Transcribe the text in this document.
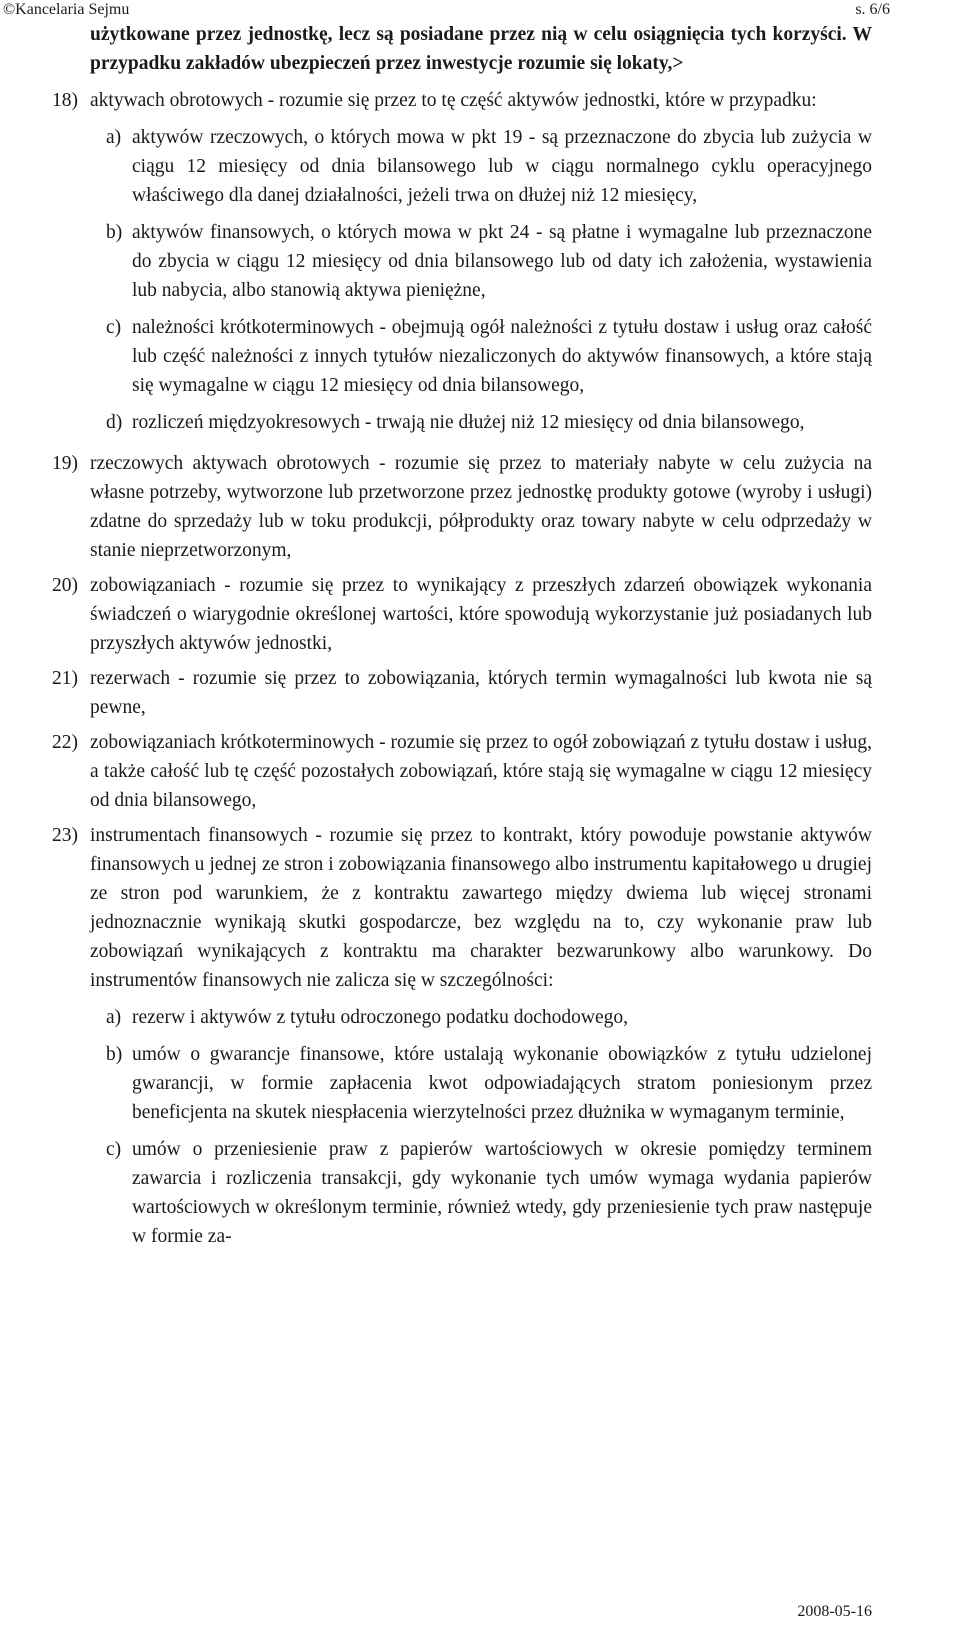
©Kancelaria Sejmu	s. 6/6
użytkowane przez jednostkę, lecz są posiadane przez nią w celu osiągnięcia tych korzyści. W przypadku zakładów ubezpieczeń przez inwestycje rozumie się lokaty,>
18) aktywach obrotowych - rozumie się przez to tę część aktywów jednostki, które w przypadku:
a) aktywów rzeczowych, o których mowa w pkt 19 - są przeznaczone do zbycia lub zużycia w ciągu 12 miesięcy od dnia bilansowego lub w ciągu normalnego cyklu operacyjnego właściwego dla danej działalności, jeżeli trwa on dłużej niż 12 miesięcy,
b) aktywów finansowych, o których mowa w pkt 24 - są płatne i wymagalne lub przeznaczone do zbycia w ciągu 12 miesięcy od dnia bilansowego lub od daty ich założenia, wystawienia lub nabycia, albo stanowią aktywa pieniężne,
c) należności krótkoterminowych - obejmują ogół należności z tytułu dostaw i usług oraz całość lub część należności z innych tytułów niezaliczonych do aktywów finansowych, a które stają się wymagalne w ciągu 12 miesięcy od dnia bilansowego,
d) rozliczeń międzyokresowych - trwają nie dłużej niż 12 miesięcy od dnia bilansowego,
19) rzeczowych aktywach obrotowych - rozumie się przez to materiały nabyte w celu zużycia na własne potrzeby, wytworzone lub przetworzone przez jednostkę produkty gotowe (wyroby i usługi) zdatne do sprzedaży lub w toku produkcji, półprodukty oraz towary nabyte w celu odprzedaży w stanie nieprzetworzonym,
20) zobowiązaniach - rozumie się przez to wynikający z przeszłych zdarzeń obowiązek wykonania świadczeń o wiarygodnie określonej wartości, które spowodują wykorzystanie już posiadanych lub przyszłych aktywów jednostki,
21) rezerwach - rozumie się przez to zobowiązania, których termin wymagalności lub kwota nie są pewne,
22) zobowiązaniach krótkoterminowych - rozumie się przez to ogół zobowiązań z tytułu dostaw i usług, a także całość lub tę część pozostałych zobowiązań, które stają się wymagalne w ciągu 12 miesięcy od dnia bilansowego,
23) instrumentach finansowych - rozumie się przez to kontrakt, który powoduje powstanie aktywów finansowych u jednej ze stron i zobowiązania finansowego albo instrumentu kapitałowego u drugiej ze stron pod warunkiem, że z kontraktu zawartego między dwiema lub więcej stronami jednoznacznie wynikają skutki gospodarcze, bez względu na to, czy wykonanie praw lub zobowiązań wynikających z kontraktu ma charakter bezwarunkowy albo warunkowy. Do instrumentów finansowych nie zalicza się w szczególności:
a) rezerw i aktywów z tytułu odroczonego podatku dochodowego,
b) umów o gwarancje finansowe, które ustalają wykonanie obowiązków z tytułu udzielonej gwarancji, w formie zapłacenia kwot odpowiadających stratom poniesionym przez beneficjenta na skutek niespłacenia wierzytelności przez dłużnika w wymaganym terminie,
c) umów o przeniesienie praw z papierów wartościowych w okresie pomiędzy terminem zawarcia i rozliczenia transakcji, gdy wykonanie tych umów wymaga wydania papierów wartościowych w określonym terminie, również wtedy, gdy przeniesienie tych praw następuje w formie za-
2008-05-16
